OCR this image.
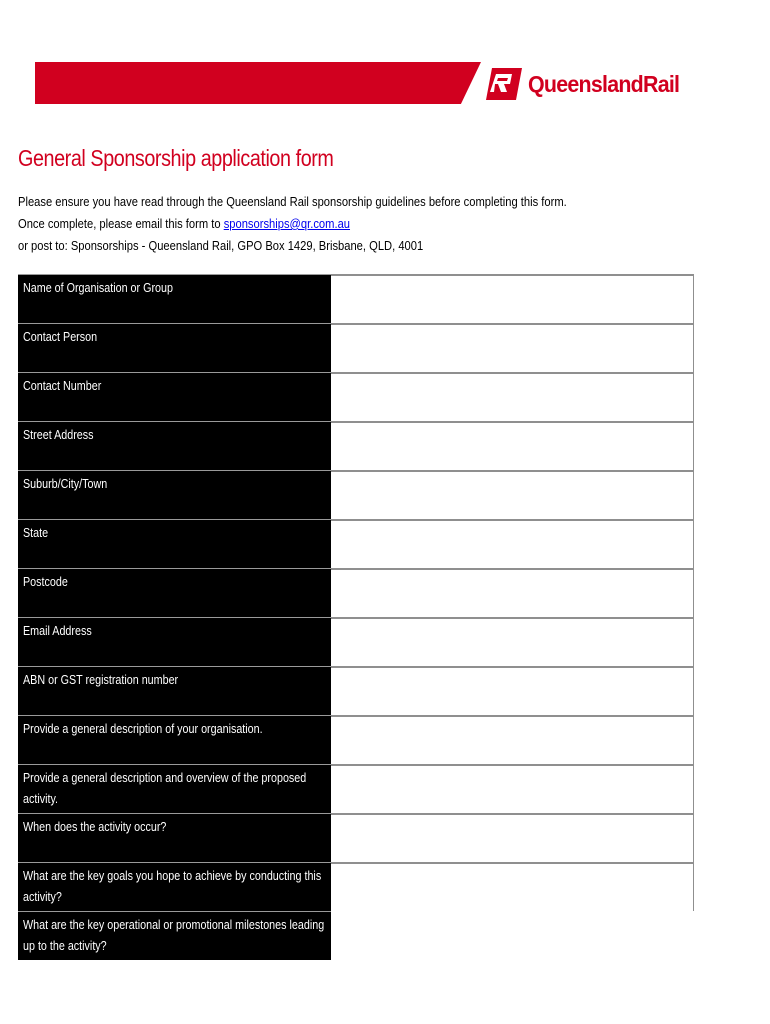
QueenslandRail
General Sponsorship application form
Please ensure you have read through the Queensland Rail sponsorship guidelines before completing this form.
Once complete, please email this form to sponsorships@qr.com.au
or post to: Sponsorships - Queensland Rail, GPO Box 1429, Brisbane, QLD, 4001
Name of Organisation or Group
Contact Person
Contact Number
Street Address
Suburb/City/Town
State
Postcode
Email Address
ABN or GST registration number
Provide a general description of your organisation.
Provide a general description and overview of the proposed activity.
When does the activity occur?
What are the key goals you hope to achieve by conducting this activity?
What are the key operational or promotional milestones leading up to the activity?
